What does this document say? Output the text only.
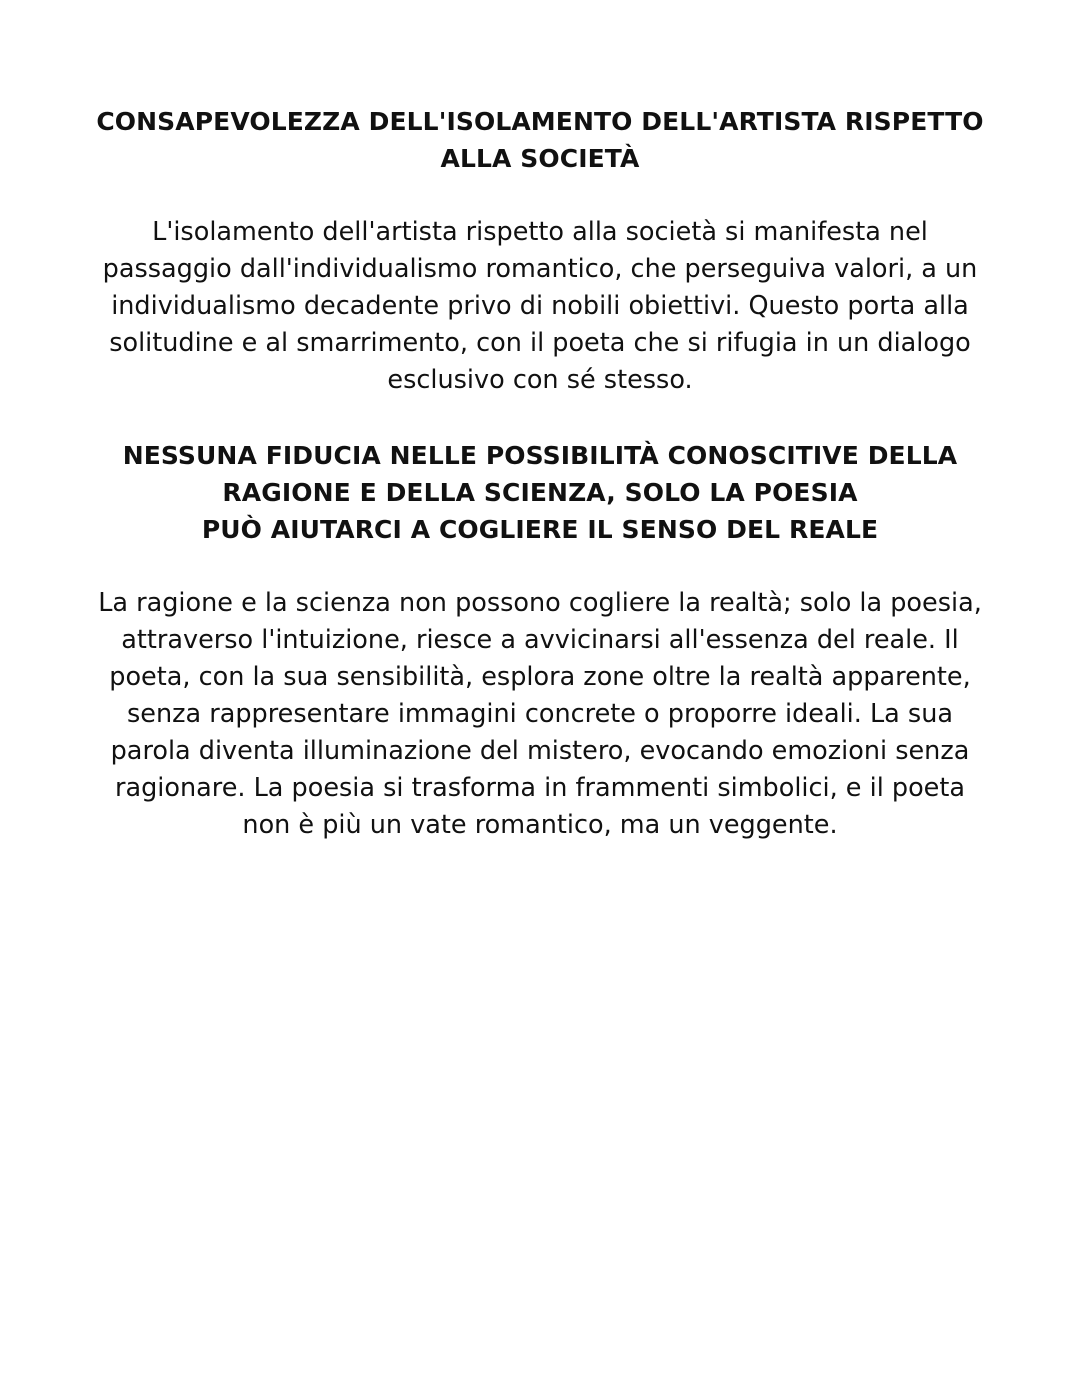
CONSAPEVOLEZZA DELL'ISOLAMENTO DELL'ARTISTA RISPETTO
ALLA SOCIETÀ

L'isolamento dell'artista rispetto alla società si manifesta nel
passaggio dall'individualismo romantico, che perseguiva valori, a un
individualismo decadente privo di nobili obiettivi. Questo porta alla
solitudine e al smarrimento, con il poeta che si rifugia in un dialogo
esclusivo con sé stesso.

NESSUNA FIDUCIA NELLE POSSIBILITÀ CONOSCITIVE DELLA
RAGIONE E DELLA SCIENZA, SOLO LA POESIA
PUÒ AIUTARCI A COGLIERE IL SENSO DEL REALE

La ragione e la scienza non possono cogliere la realtà; solo la poesia,
attraverso l'intuizione, riesce a avvicinarsi all'essenza del reale. Il
poeta, con la sua sensibilità, esplora zone oltre la realtà apparente,
senza rappresentare immagini concrete o proporre ideali. La sua
parola diventa illuminazione del mistero, evocando emozioni senza
ragionare. La poesia si trasforma in frammenti simbolici, e il poeta
non è più un vate romantico, ma un veggente.
